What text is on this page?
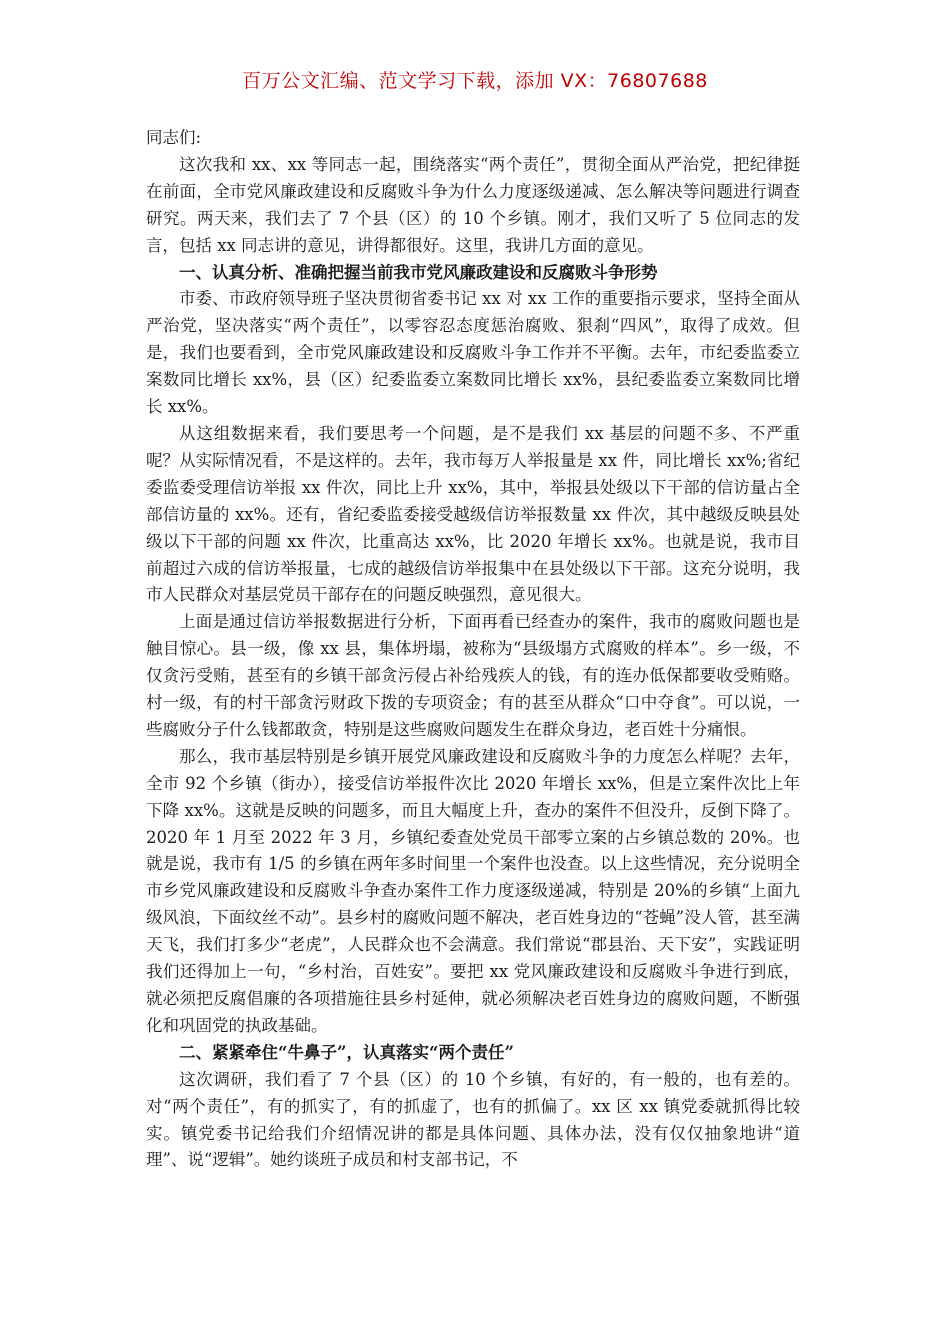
百万公文汇编、范文学习下载，添加 VX：76807688

同志们:

这次我和 xx、xx 等同志一起，围绕落实“两个责任”，贯彻全面从严治党，把纪律挺在前面，全市党风廉政建设和反腐败斗争为什么力度逐级递减、怎么解决等问题进行调查研究。两天来，我们去了 7 个县（区）的 10 个乡镇。刚才，我们又听了 5 位同志的发言，包括 xx 同志讲的意见，讲得都很好。这里，我讲几方面的意见。

一、认真分析、准确把握当前我市党风廉政建设和反腐败斗争形势

市委、市政府领导班子坚决贯彻省委书记 xx 对 xx 工作的重要指示要求，坚持全面从严治党，坚决落实“两个责任”，以零容忍态度惩治腐败、狠刹“四风”，取得了成效。但是，我们也要看到，全市党风廉政建设和反腐败斗争工作并不平衡。去年，市纪委监委立案数同比增长 xx%，县（区）纪委监委立案数同比增长 xx%，县纪委监委立案数同比增长 xx%。

从这组数据来看，我们要思考一个问题，是不是我们 xx 基层的问题不多、不严重呢？从实际情况看，不是这样的。去年，我市每万人举报量是 xx 件，同比增长 xx%;省纪委监委受理信访举报 xx 件次，同比上升 xx%，其中，举报县处级以下干部的信访量占全部信访量的 xx%。还有，省纪委监委接受越级信访举报数量 xx 件次，其中越级反映县处级以下干部的问题 xx 件次，比重高达 xx%，比 2020 年增长 xx%。也就是说，我市目前超过六成的信访举报量，七成的越级信访举报集中在县处级以下干部。这充分说明，我市人民群众对基层党员干部存在的问题反映强烈，意见很大。

上面是通过信访举报数据进行分析，下面再看已经查办的案件，我市的腐败问题也是触目惊心。县一级，像 xx 县，集体坍塌，被称为“县级塌方式腐败的样本”。乡一级，不仅贪污受贿，甚至有的乡镇干部贪污侵占补给残疾人的钱，有的连办低保都要收受贿赂。村一级，有的村干部贪污财政下拨的专项资金；有的甚至从群众“口中夺食”。可以说，一些腐败分子什么钱都敢贪，特别是这些腐败问题发生在群众身边，老百姓十分痛恨。

那么，我市基层特别是乡镇开展党风廉政建设和反腐败斗争的力度怎么样呢？去年，全市 92 个乡镇（街办），接受信访举报件次比 2020 年增长 xx%，但是立案件次比上年下降 xx%。这就是反映的问题多，而且大幅度上升，查办的案件不但没升，反倒下降了。2020 年 1 月至 2022 年 3 月，乡镇纪委查处党员干部零立案的占乡镇总数的 20%。也就是说，我市有 1/5 的乡镇在两年多时间里一个案件也没查。以上这些情况，充分说明全市乡党风廉政建设和反腐败斗争查办案件工作力度逐级递减，特别是 20%的乡镇“上面九级风浪，下面纹丝不动”。县乡村的腐败问题不解决，老百姓身边的“苍蝇”没人管，甚至满天飞，我们打多少“老虎”，人民群众也不会满意。我们常说“郡县治、天下安”，实践证明我们还得加上一句，“乡村治，百姓安”。要把 xx 党风廉政建设和反腐败斗争进行到底，就必须把反腐倡廉的各项措施往县乡村延伸，就必须解决老百姓身边的腐败问题，不断强化和巩固党的执政基础。

二、紧紧牵住“牛鼻子”，认真落实“两个责任”

这次调研，我们看了 7 个县（区）的 10 个乡镇，有好的，有一般的，也有差的。对“两个责任”，有的抓实了，有的抓虚了，也有的抓偏了。xx 区 xx 镇党委就抓得比较实。镇党委书记给我们介绍情况讲的都是具体问题、具体办法，没有仅仅抽象地讲“道理”、说“逻辑”。她约谈班子成员和村支部书记，不
